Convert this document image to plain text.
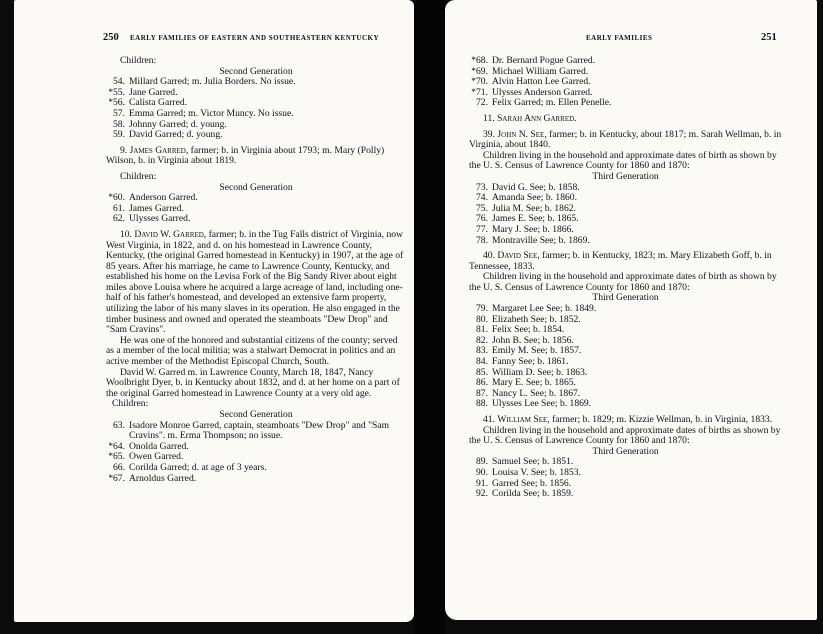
250 EARLY FAMILIES OF EASTERN AND SOUTHEASTERN KENTUCKY

Children:

Second Generation

54. Millard Garred; m. Julia Borders. No issue.
*55. Jane Garred.
*56. Calista Garred.
57. Emma Garred; m. Victor Muncy. No issue.
58. Johnny Garred; d. young.
59. David Garred; d. young.

9. James Garred, farmer; b. in Virginia about 1793; m. Mary (Polly) Wilson, b. in Virginia about 1819.

Children:

Second Generation

*60. Anderson Garred.
61. James Garred.
62. Ulysses Garred.

10. David W. Garred, farmer; b. in the Tug Falls district of Virginia, now West Virginia, in 1822, and d. on his homestead in Lawrence County, Kentucky, (the original Garred homestead in Kentucky) in 1907, at the age of 85 years. After his marriage, he came to Lawrence County, Kentucky, and established his home on the Levisa Fork of the Big Sandy River about eight miles above Louisa where he acquired a large acreage of land, including one-half of his father's homestead, and developed an extensive farm property, utilizing the labor of his many slaves in its operation. He also engaged in the timber business and owned and operated the steamboats "Dew Drop" and "Sam Cravins".

He was one of the honored and substantial citizens of the county; served as a member of the local militia; was a stalwart Democrat in politics and an active member of the Methodist Episcopal Church, South.

David W. Garred m. in Lawrence County, March 18, 1847, Nancy Woolbright Dyer, b. in Kentucky about 1832, and d. at her home on a part of the original Garred homestead in Lawrence County at a very old age.

Children:

Second Generation

63. Isadore Monroe Garred, captain, steamboats "Dew Drop" and "Sam Cravins". m. Erma Thompson; no issue.
*64. Onolda Garred.
*65. Owen Garred.
66. Corilda Garred; d. at age of 3 years.
*67. Arnoldus Garred.
EARLY FAMILIES	251
*68. Dr. Bernard Pogue Garred.
*69. Michael William Garred.
*70. Alvin Hatton Lee Garred.
*71. Ulysses Anderson Garred.
72. Felix Garred; m. Ellen Penelle.

11. Sarah Ann Garred.

39. John N. See, farmer; b. in Kentucky, about 1817; m. Sarah Wellman, b. in Virginia, about 1840.

Children living in the household and approximate dates of birth as shown by the U. S. Census of Lawrence County for 1860 and 1870:

Third Generation

73. David G. See; b. 1858.
74. Amanda See; b. 1860.
75. Julia M. See; b. 1862.
76. James E. See; b. 1865.
77. Mary J. See; b. 1866.
78. Montraville See; b. 1869.

40. David See, farmer; b. in Kentucky, 1823; m. Mary Elizabeth Goff, b. in Tennessee, 1833.

Children living in the household and approximate dates of birth as shown by the U. S. Census of Lawrence County for 1860 and 1870:

Third Generation

79. Margaret Lee See; b. 1849.
80. Elizabeth See; b. 1852.
81. Felix See; b. 1854.
82. John B. See; b. 1856.
83. Emily M. See; b. 1857.
84. Fanny See; b. 1861.
85. William D. See; b. 1863.
86. Mary E. See; b. 1865.
87. Nancy L. See; b. 1867.
88. Ulysses Lee See; b. 1869.

41. William See, farmer; b. 1829; m. Kizzie Wellman, b. in Virginia, 1833.

Children living in the household and approximate dates of births as shown by the U. S. Census of Lawrence County for 1860 and 1870:

Third Generation

89. Samuel See; b. 1851.
90. Louisa V. See; b. 1853.
91. Garred See; b. 1856.
92. Corilda See; b. 1859.
